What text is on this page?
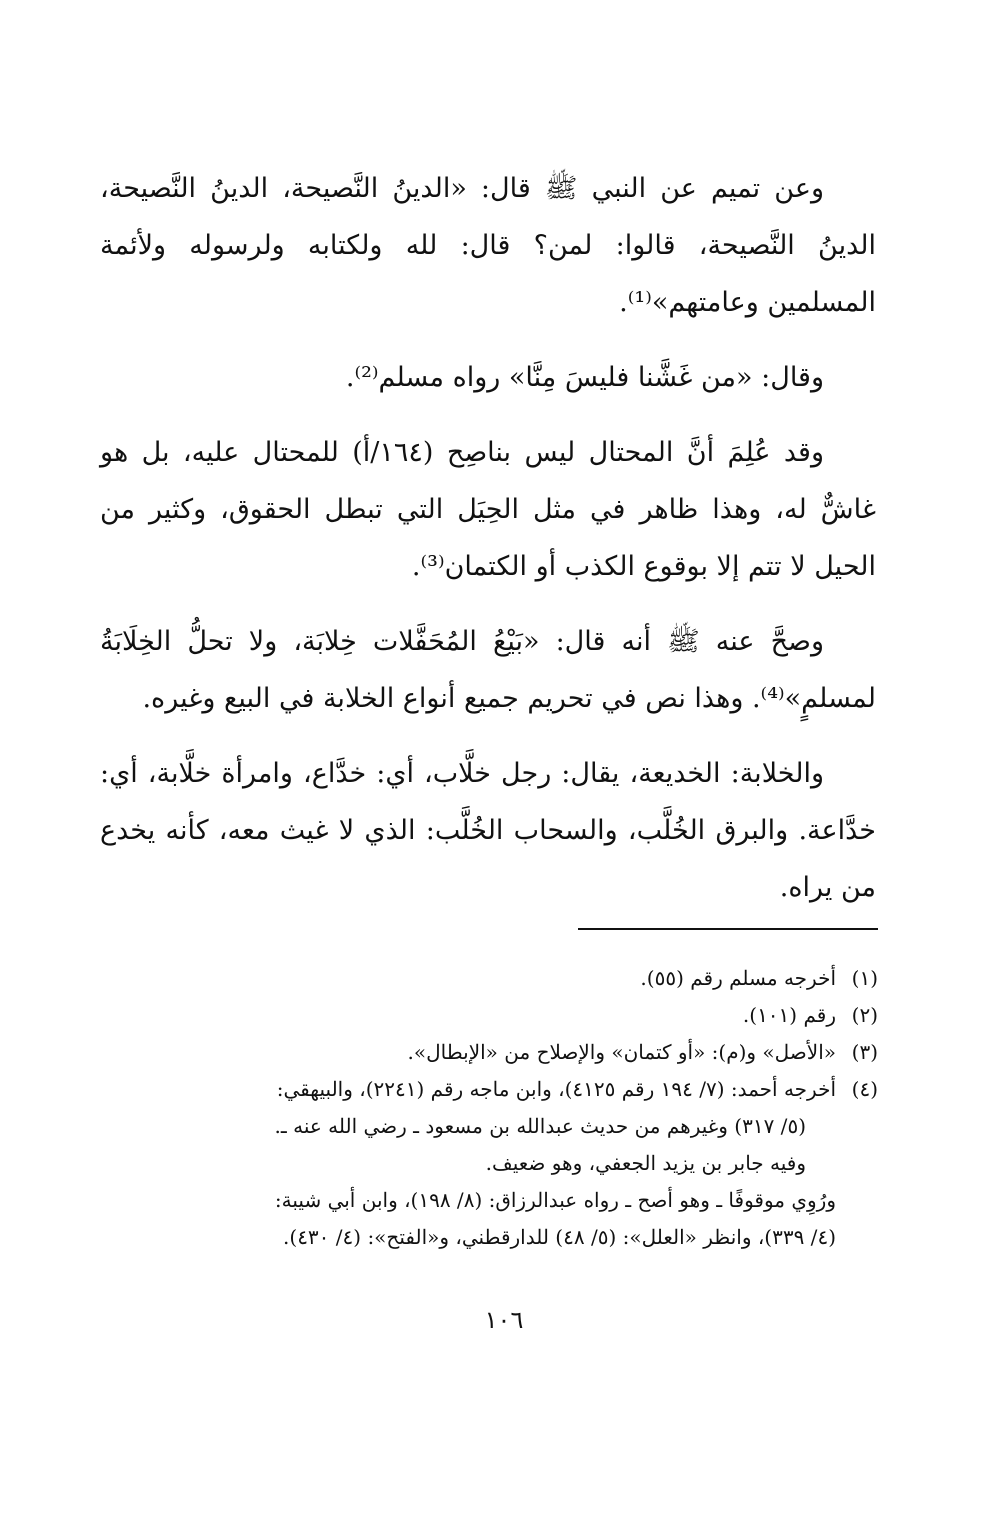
وعن تميم عن النبي ﷺ قال: «الدينُ النَّصيحة، الدينُ النَّصيحة، الدينُ النَّصيحة، قالوا: لمن؟ قال: لله ولكتابه ولرسوله ولأئمة المسلمين وعامتهم»⁽¹⁾.

وقال: «من غَشَّنا فليسَ مِنَّا» رواه مسلم⁽²⁾.

وقد عُلِمَ أنَّ المحتال ليس بناصِح (١٦٤/أ) للمحتال عليه، بل هو غاشٌّ له، وهذا ظاهر في مثل الحِيَل التي تبطل الحقوق، وكثير من الحيل لا تتم إلا بوقوع الكذب أو الكتمان⁽³⁾.

وصحَّ عنه ﷺ أنه قال: «بَيْعُ المُحَفَّلات خِلابَة، ولا تحلُّ الخِلَابَةُ لمسلمٍ»⁽⁴⁾. وهذا نص في تحريم جميع أنواع الخلابة في البيع وغيره.

والخلابة: الخديعة، يقال: رجل خلَّاب، أي: خدَّاع، وامرأة خلَّابة، أي: خدَّاعة. والبرق الخُلَّب، والسحاب الخُلَّب: الذي لا غيث معه، كأنه يخدع من يراه.

(١)
أخرجه مسلم رقم (٥٥).
(٢)
رقم (١٠١).
(٣)
«الأصل» و(م): «أو كتمان» والإصلاح من «الإبطال».
(٤)
أخرجه أحمد: (٧/ ١٩٤ رقم ٤١٢٥)، وابن ماجه رقم (٢٢٤١)، والبيهقي:
(٥/ ٣١٧) وغيرهم من حديث عبدالله بن مسعود ـ رضي الله عنه ـ.
وفيه جابر بن يزيد الجعفي، وهو ضعيف.
ورُوِي موقوفًا ـ وهو أصح ـ رواه عبدالرزاق: (٨/ ١٩٨)، وابن أبي شيبة:
(٤/ ٣٣٩)، وانظر «العلل»: (٥/ ٤٨) للدارقطني، و«الفتح»: (٤/ ٤٣٠).
١٠٦
